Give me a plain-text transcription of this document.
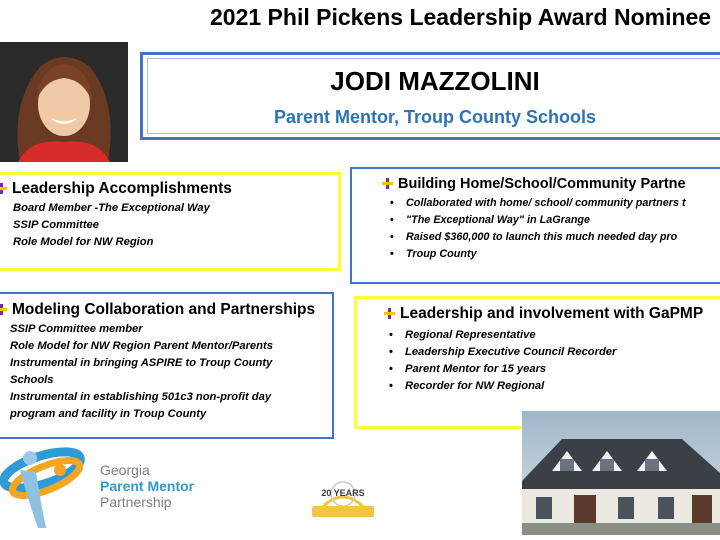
2021 Phil Pickens Leadership Award Nominee
JODI MAZZOLINI
Parent Mentor, Troup County Schools
Leadership Accomplishments
Board Member -The Exceptional Way
SSIP Committee
Role Model for NW Region
Building Home/School/Community Partne
• Collaborated with home/ school/ community partners t
• "The Exceptional Way" in LaGrange
• Raised $360,000 to launch this much needed day pro
• Troup County
Modeling Collaboration and Partnerships
SSIP Committee member
Role Model for NW Region Parent Mentor/Parents
Instrumental in bringing ASPIRE to Troup County
Schools
Instrumental in establishing 501c3 non-profit day
program and facility in Troup County
Leadership and involvement with GaPMP
• Regional Representative
• Leadership Executive Council Recorder
• Parent Mentor for 15 years
• Recorder for NW Regional
Georgia
Parent Mentor
Partnership
20 YEARS
